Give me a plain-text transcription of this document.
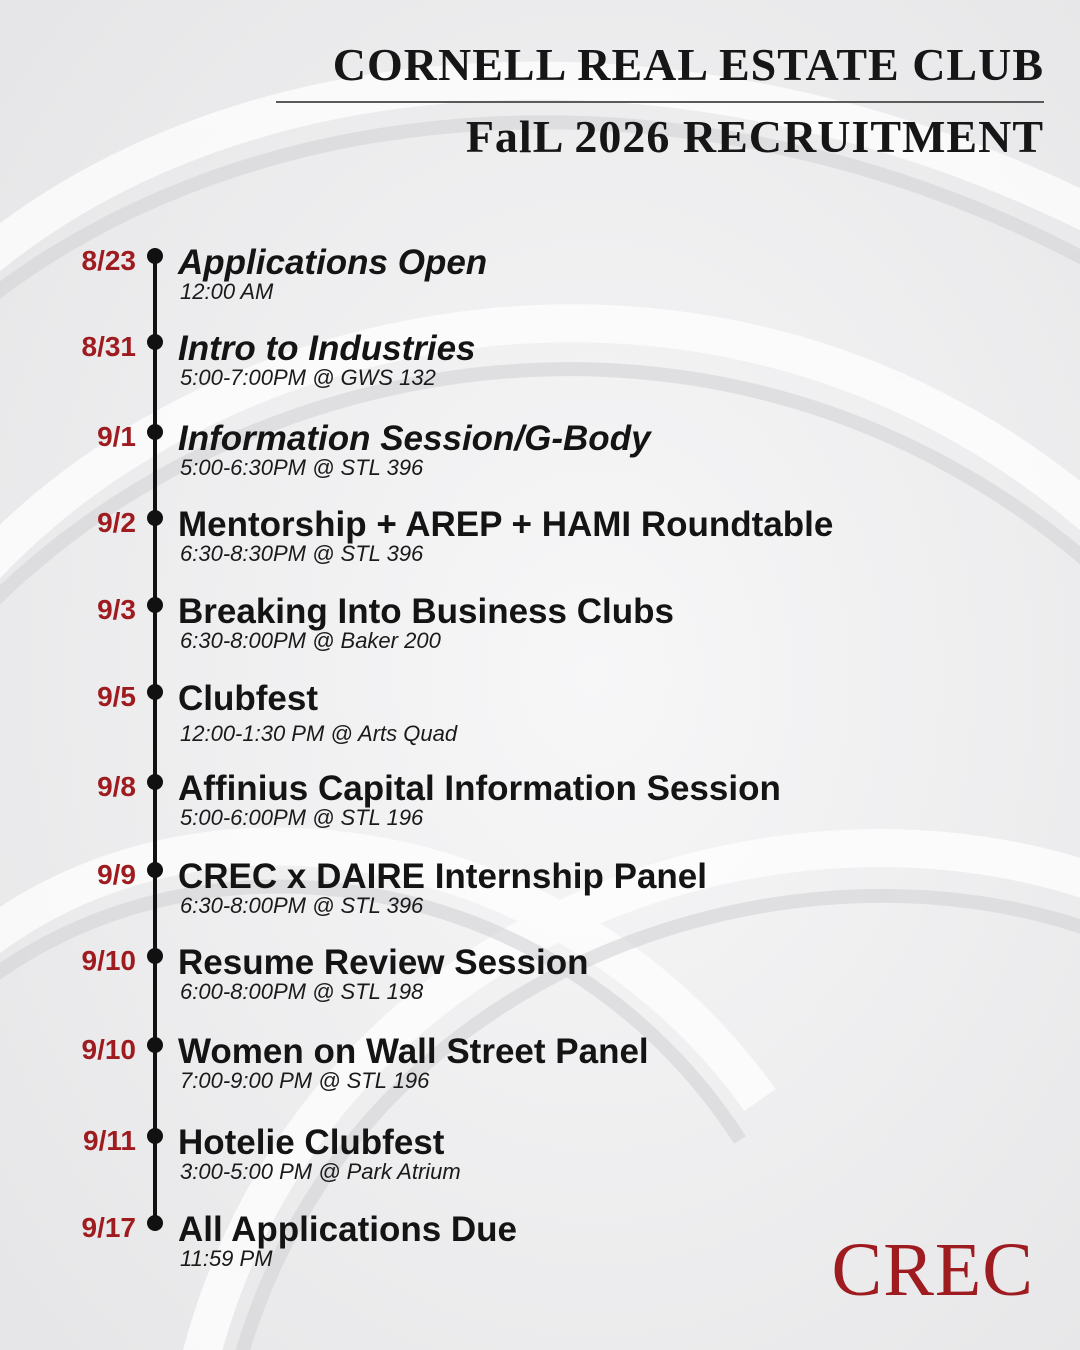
CORNELL REAL ESTATE CLUB
FalL 2026 RECRUITMENT
8/23 Applications Open
12:00 AM
8/31 Intro to Industries
5:00-7:00PM @ GWS 132
9/1 Information Session/G-Body
5:00-6:30PM @ STL 396
9/2 Mentorship + AREP + HAMI Roundtable
6:30-8:30PM @ STL 396
9/3 Breaking Into Business Clubs
6:30-8:00PM @ Baker 200
9/5 Clubfest
12:00-1:30 PM @ Arts Quad
9/8 Affinius Capital Information Session
5:00-6:00PM @ STL 196
9/9 CREC x DAIRE Internship Panel
6:30-8:00PM @ STL 396
9/10 Resume Review Session
6:00-8:00PM @ STL 198
9/10 Women on Wall Street Panel
7:00-9:00 PM @ STL 196
9/11 Hotelie Clubfest
3:00-5:00 PM @ Park Atrium
9/17 All Applications Due
11:59 PM	CREC
